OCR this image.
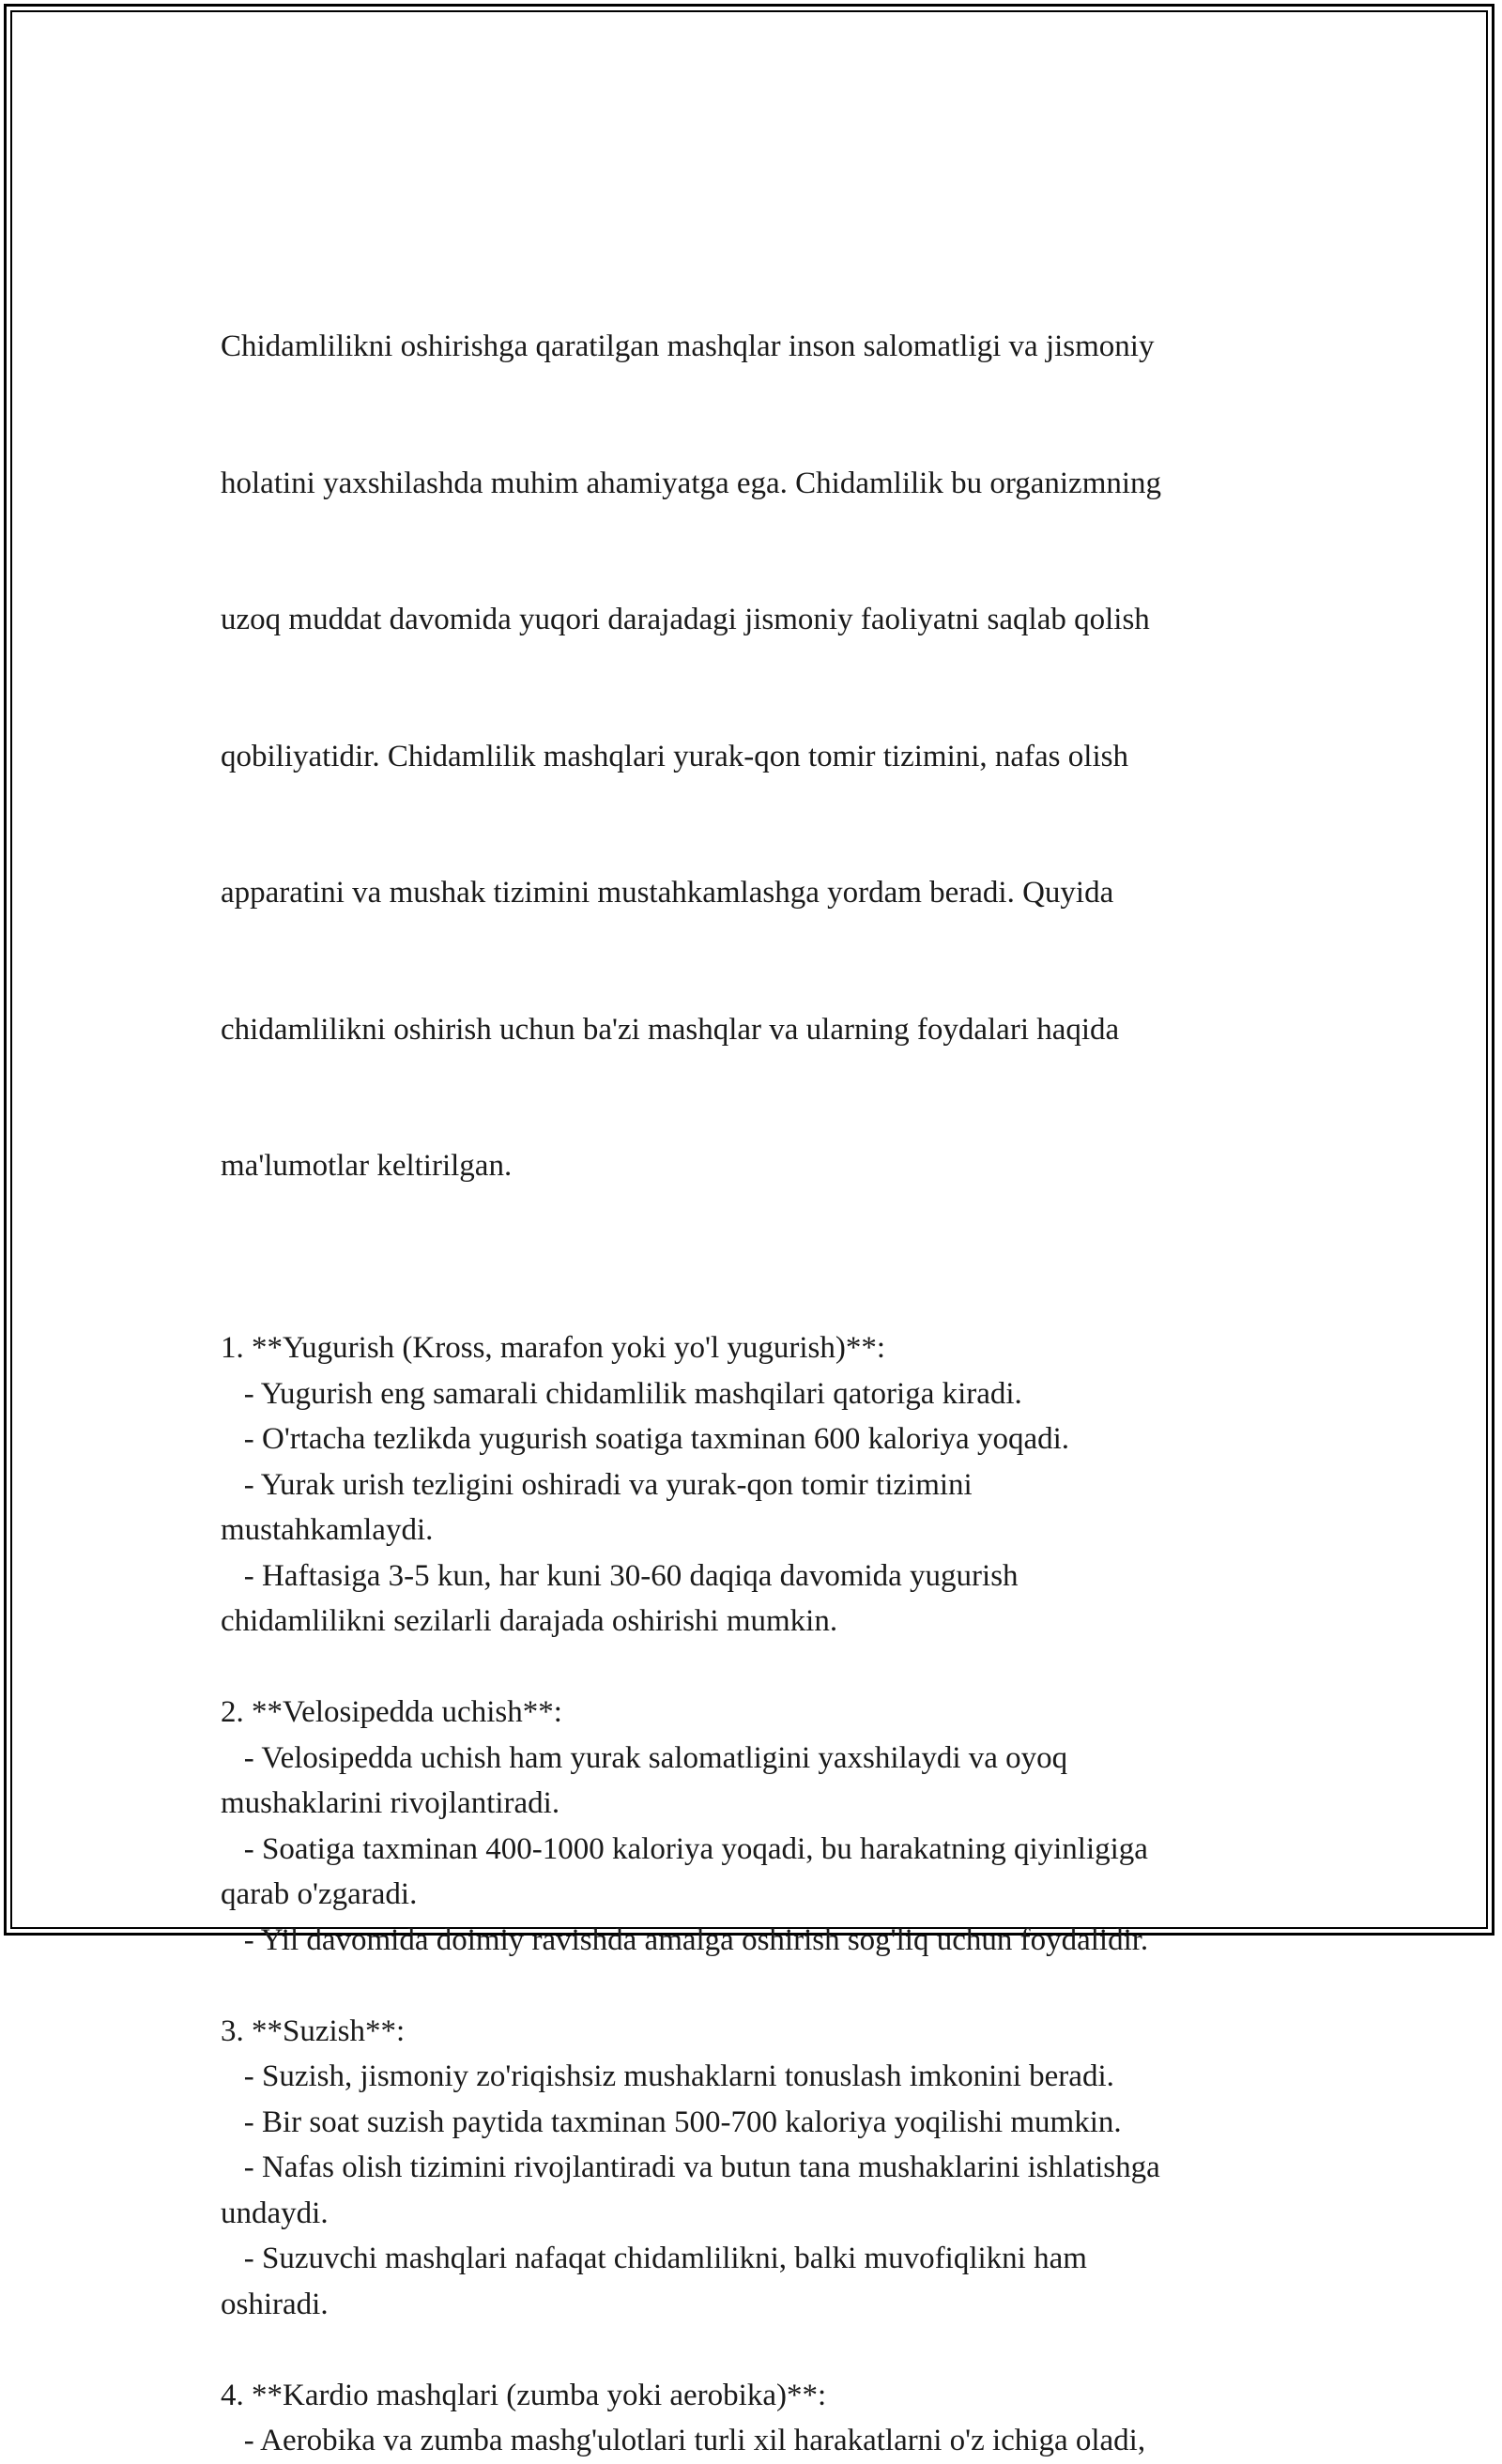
Chidamlilikni oshirishga qaratilgan mashqlar inson salomatligi va jismoniy

holatini yaxshilashda muhim ahamiyatga ega. Chidamlilik bu organizmning

uzoq muddat davomida yuqori darajadagi jismoniy faoliyatni saqlab qolish

qobiliyatidir. Chidamlilik mashqlari yurak-qon tomir tizimini, nafas olish

apparatini va mushak tizimini mustahkamlashga yordam beradi. Quyida

chidamlilikni oshirish uchun ba'zi mashqlar va ularning foydalari haqida

ma'lumotlar keltirilgan.

1. **Yugurish (Kross, marafon yoki yo'l yugurish)**:
- Yugurish eng samarali chidamlilik mashqilari qatoriga kiradi.
- O'rtacha tezlikda yugurish soatiga taxminan 600 kaloriya yoqadi.
- Yurak urish tezligini oshiradi va yurak-qon tomir tizimini
mustahkamlaydi.
- Haftasiga 3-5 kun, har kuni 30-60 daqiqa davomida yugurish
chidamlilikni sezilarli darajada oshirishi mumkin.
2. **Velosipedda uchish**:
- Velosipedda uchish ham yurak salomatligini yaxshilaydi va oyoq
mushaklarini rivojlantiradi.
- Soatiga taxminan 400-1000 kaloriya yoqadi, bu harakatning qiyinligiga
qarab o'zgaradi.
- Yil davomida doimiy ravishda amalga oshirish sog'liq uchun foydalidir.
3. **Suzish**:
- Suzish, jismoniy zo'riqishsiz mushaklarni tonuslash imkonini beradi.
- Bir soat suzish paytida taxminan 500-700 kaloriya yoqilishi mumkin.
- Nafas olish tizimini rivojlantiradi va butun tana mushaklarini ishlatishga
undaydi.
- Suzuvchi mashqlari nafaqat chidamlilikni, balki muvofiqlikni ham
oshiradi.
4. **Kardio mashqlari (zumba yoki aerobika)**:
- Aerobika va zumba mashg'ulotlari turli xil harakatlarni o'z ichiga oladi,
